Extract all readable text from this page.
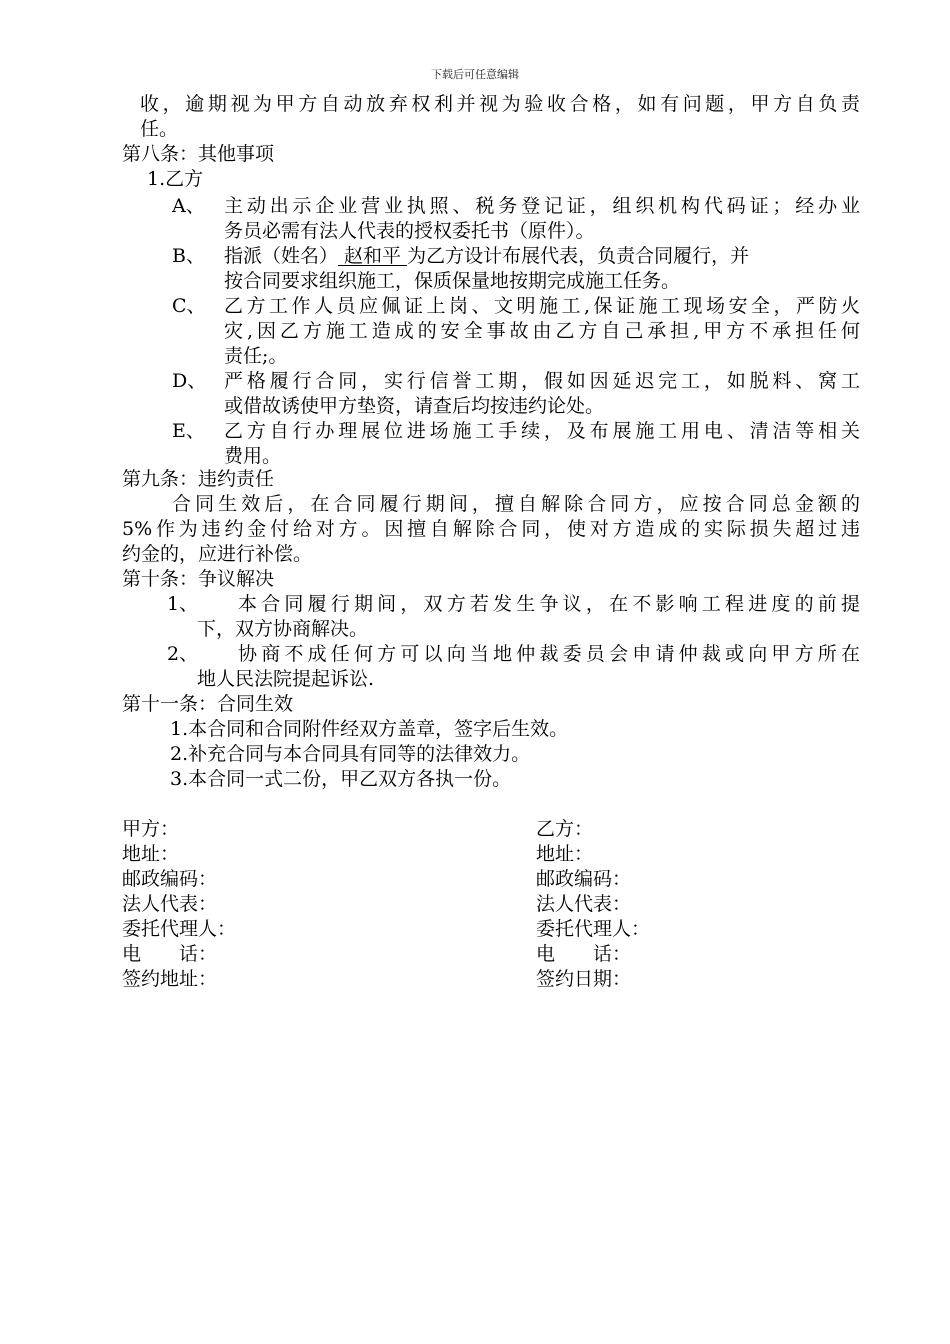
下载后可任意编辑
收，逾期视为甲方自动放弃权利并视为验收合格，如有问题，甲方自负责
任。
第八条：其他事项
1.乙方
A、 主动出示企业营业执照、税务登记证，组织机构代码证；经办业
务员必需有法人代表的授权委托书（原件）。
B、 指派（姓名） 赵和平 为乙方设计布展代表，负责合同履行，并
按合同要求组织施工，保质保量地按期完成施工任务。
C、 乙方工作人员应佩证上岗、文明施工,保证施工现场安全，严防火
灾,因乙方施工造成的安全事故由乙方自己承担,甲方不承担任何
责任;。
D、 严格履行合同，实行信誉工期，假如因延迟完工，如脱料、窝工
或借故诱使甲方垫资，请查后均按违约论处。
E、 乙方自行办理展位进场施工手续，及布展施工用电、清洁等相关
费用。
第九条：违约责任
合同生效后，在合同履行期间，擅自解除合同方，应按合同总金额的
5%作为违约金付给对方。因擅自解除合同，使对方造成的实际损失超过违
约金的，应进行补偿。
第十条：争议解决
1、 本合同履行期间，双方若发生争议，在不影响工程进度的前提
下，双方协商解决。
2、 协商不成任何方可以向当地仲裁委员会申请仲裁或向甲方所在
地人民法院提起诉讼.
第十一条：合同生效
1.本合同和合同附件经双方盖章，签字后生效。
2.补充合同与本合同具有同等的法律效力。
3.本合同一式二份，甲乙双方各执一份。
甲方：
地址：
邮政编码：
法人代表：
委托代理人：
电　　话：
签约地址：
乙方：
地址：
邮政编码：
法人代表：
委托代理人：
电　　话：
签约日期：
